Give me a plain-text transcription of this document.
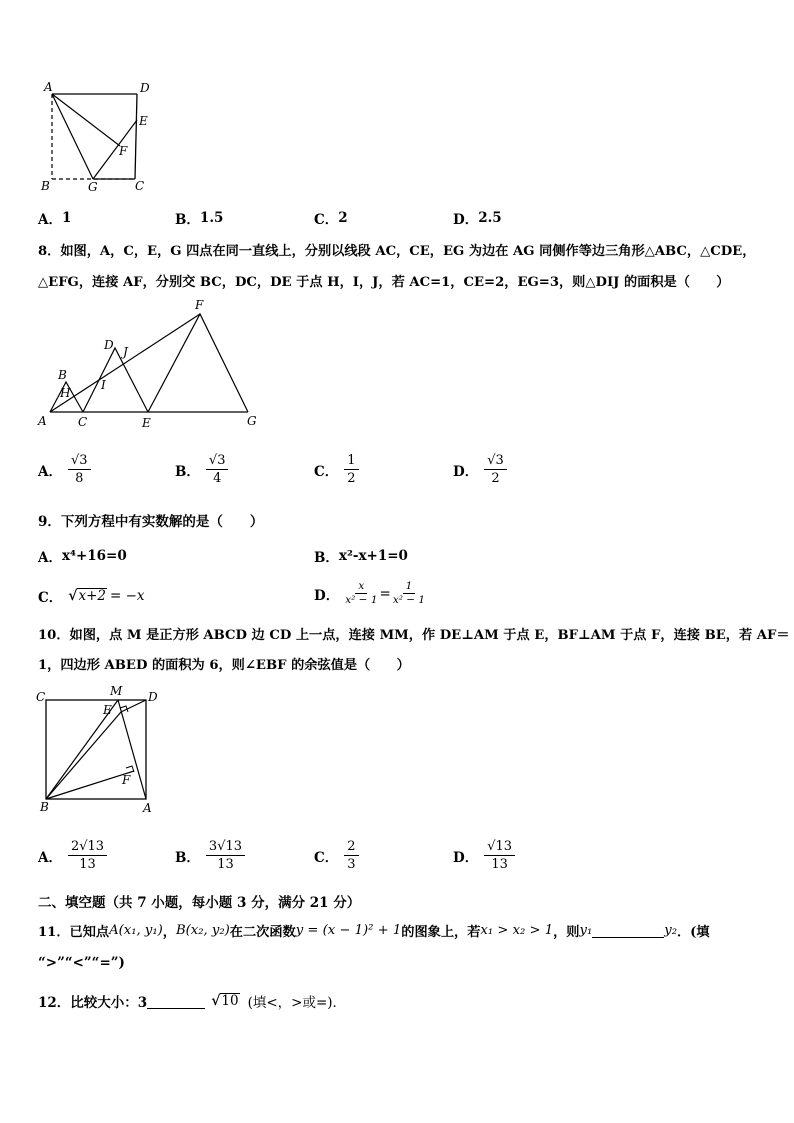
A	D
E
F
B	G	C
A． 1	B． 1.5	C． 2	D． 2.5
8．如图，A，C，E，G 四点在同一直线上，分别以线段 AC，CE，EG 为边在 AG 同侧作等边三角形△ABC，△CDE，
△EFG，连接 AF，分别交 BC，DC，DE 于点 H，I，J，若 AC=1，CE=2，EG=3，则△DIJ 的面积是（　　）
F
D J
B
I
H
A	C	E	G
A． $\frac{√3}{8}$	B． $\frac{√3}{4}$	C． $\frac{1}{2}$	D． $\frac{√3}{2}$
9．下列方程中有实数解的是（　　）
A． x⁴+16=0	B． x²-x+1=0
C． √ x+2 = −x	D． $\frac{x}{\text{x² − 1}} = \frac{1}{\text{x² − 1}}$
10．如图，点 M 是正方形 ABCD 边 CD 上一点，连接 MM，作 DE⊥AM 于点 E，BF⊥AM 于点 F，连接 BE，若 AF＝
1，四边形 ABED 的面积为 6，则∠EBF 的余弦值是（　　）
C	M D
E
F
B	A
A． $\frac{2√13}{13}$	B． $\frac{3√13}{13}$	C． $\frac{2}{3}$	D． $\frac{√13}{13}$
二、填空题（共 7 小题，每小题 3 分，满分 21 分）
11．已知点 A(x₁, y₁) ， B(x₂, y₂) 在二次函数 y = (x − 1)² + 1 的图象上，若 x₁ > x₂ > 1 ，则 y₁	y₂ ．(填
“>”“<”“=”)
12．比较大小：3	√ 10 (填<，>或=)．
